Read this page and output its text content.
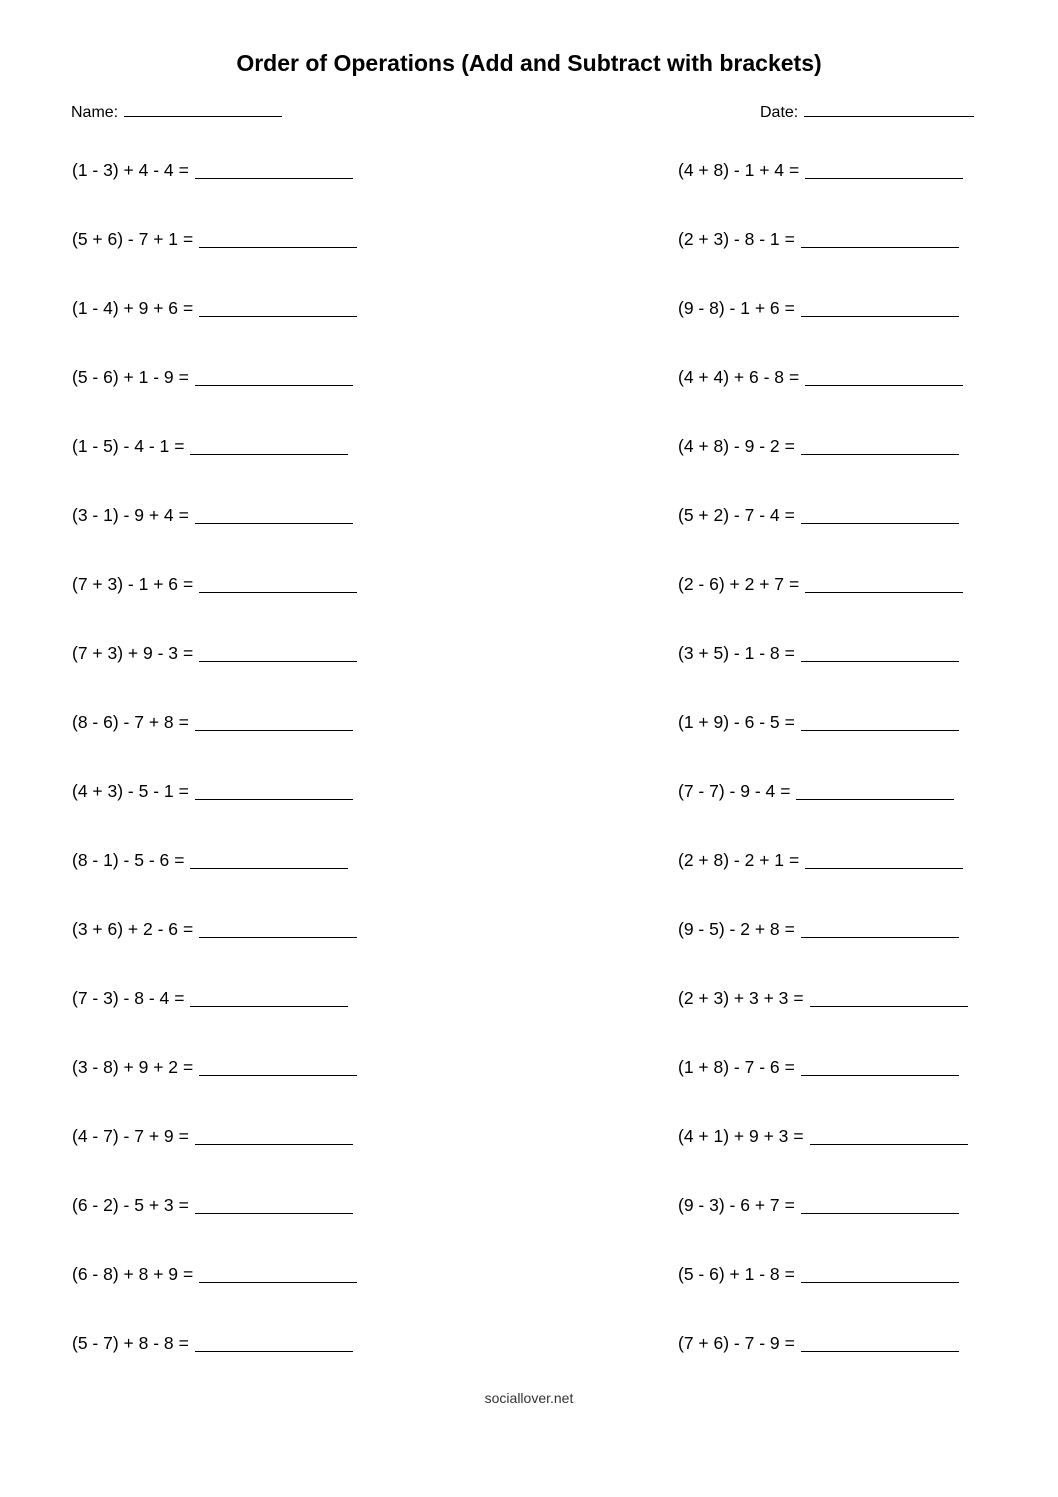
Order of Operations (Add and Subtract with brackets)
Name:	Date:
(1 - 3) + 4 - 4 =
(5 + 6) - 7 + 1 =
(1 - 4) + 9 + 6 =
(5 - 6) + 1 - 9 =
(1 - 5) - 4 - 1 =
(3 - 1) - 9 + 4 =
(7 + 3) - 1 + 6 =
(7 + 3) + 9 - 3 =
(8 - 6) - 7 + 8 =
(4 + 3) - 5 - 1 =
(8 - 1) - 5 - 6 =
(3 + 6) + 2 - 6 =
(7 - 3) - 8 - 4 =
(3 - 8) + 9 + 2 =
(4 - 7) - 7 + 9 =
(6 - 2) - 5 + 3 =
(6 - 8) + 8 + 9 =
(5 - 7) + 8 - 8 =
(4 + 8) - 1 + 4 =
(2 + 3) - 8 - 1 =
(9 - 8) - 1 + 6 =
(4 + 4) + 6 - 8 =
(4 + 8) - 9 - 2 =
(5 + 2) - 7 - 4 =
(2 - 6) + 2 + 7 =
(3 + 5) - 1 - 8 =
(1 + 9) - 6 - 5 =
(7 - 7) - 9 - 4 =
(2 + 8) - 2 + 1 =
(9 - 5) - 2 + 8 =
(2 + 3) + 3 + 3 =
(1 + 8) - 7 - 6 =
(4 + 1) + 9 + 3 =
(9 - 3) - 6 + 7 =
(5 - 6) + 1 - 8 =
(7 + 6) - 7 - 9 =
sociallover.net
